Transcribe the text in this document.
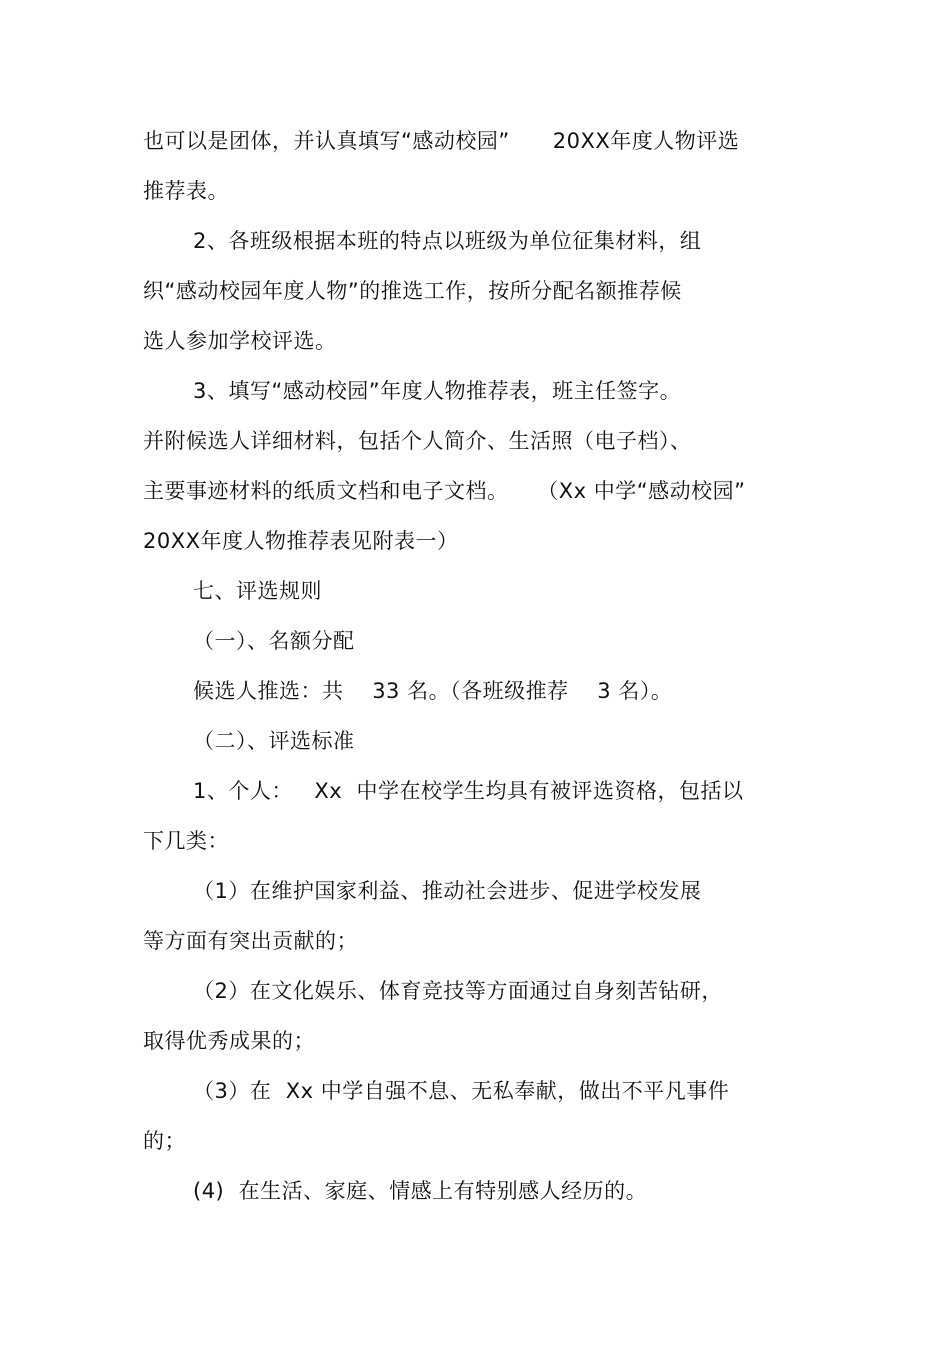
也可以是团体，并认真填写“感动校园”      20XX年度人物评选
推荐表。
2、各班级根据本班的特点以班级为单位征集材料，组
织“感动校园年度人物”的推选工作，按所分配名额推荐候
选人参加学校评选。
3、填写“感动校园”年度人物推荐表，班主任签字。
并附候选人详细材料，包括个人简介、生活照（电子档）、
主要事迹材料的纸质文档和电子文档。    （Xx 中学“感动校园”
20XX年度人物推荐表见附表一）
七、评选规则
（一）、名额分配
候选人推选：共    33 名。（各班级推荐    3 名）。
（二）、评选标准
1、个人：   Xx  中学在校学生均具有被评选资格，包括以
下几类：
（1）在维护国家利益、推动社会进步、促进学校发展
等方面有突出贡献的；
（2）在文化娱乐、体育竞技等方面通过自身刻苦钻研，
取得优秀成果的；
（3）在  Xx 中学自强不息、无私奉献，做出不平凡事件
的；
(4)  在生活、家庭、情感上有特别感人经历的。
